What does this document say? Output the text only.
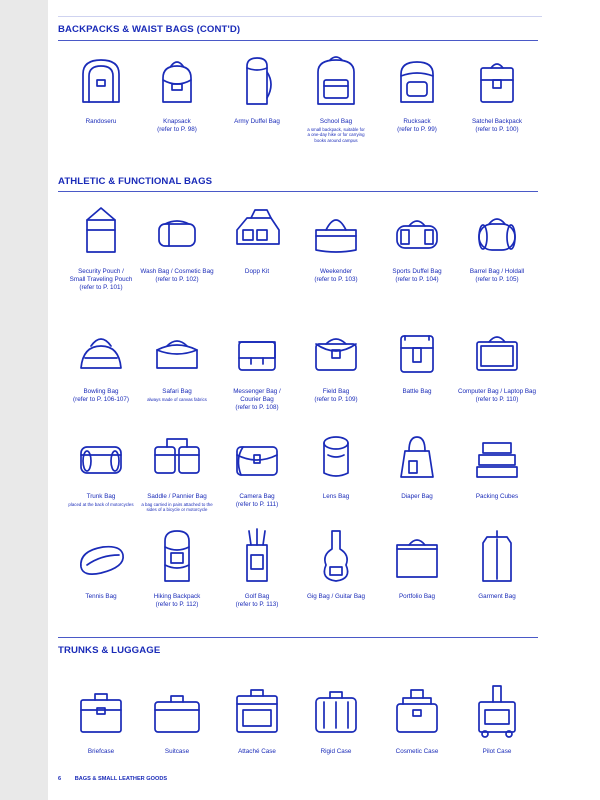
BACKPACKS & WAIST BAGS (CONT'D)
Randoseru	Knapsack
(refer to P. 98)
Army Duffel Bag	School Bag
a small backpack, suitable for
a one-day hike or for carrying
books around campus
Rucksack
(refer to P. 99)
Satchel Backpack
(refer to P. 100)
ATHLETIC & FUNCTIONAL BAGS
Security Pouch /
Small Traveling Pouch
(refer to P. 101)
Wash Bag / Cosmetic Bag
(refer to P. 102)
Dopp Kit	Weekender
(refer to P. 103)
Sports Duffel Bag
(refer to P. 104)
Barrel Bag / Holdall
(refer to P. 105)
Bowling Bag
(refer to P. 106-107)
Safari Bag
always made of canvas fabrics
Messenger Bag /
Courier Bag
(refer to P. 108)
Field Bag
(refer to P. 109)
Battle Bag	Computer Bag / Laptop Bag
(refer to P. 110)
Trunk Bag
placed at the back of motorcycles
Saddle / Pannier Bag
a bag carried in pairs attached to the
sides of a bicycle or motorcycle
Camera Bag
(refer to P. 111)
Lens Bag	Diaper Bag	Packing Cubes
Tennis Bag	Hiking Backpack
(refer to P. 112)
Golf Bag
(refer to P. 113)
Gig Bag / Guitar Bag	Portfolio Bag	Garment Bag
TRUNKS & LUGGAGE
Briefcase	Suitcase	Attaché Case	Rigid Case	Cosmetic Case	Pilot Case
6 BAGS & SMALL LEATHER GOODS
